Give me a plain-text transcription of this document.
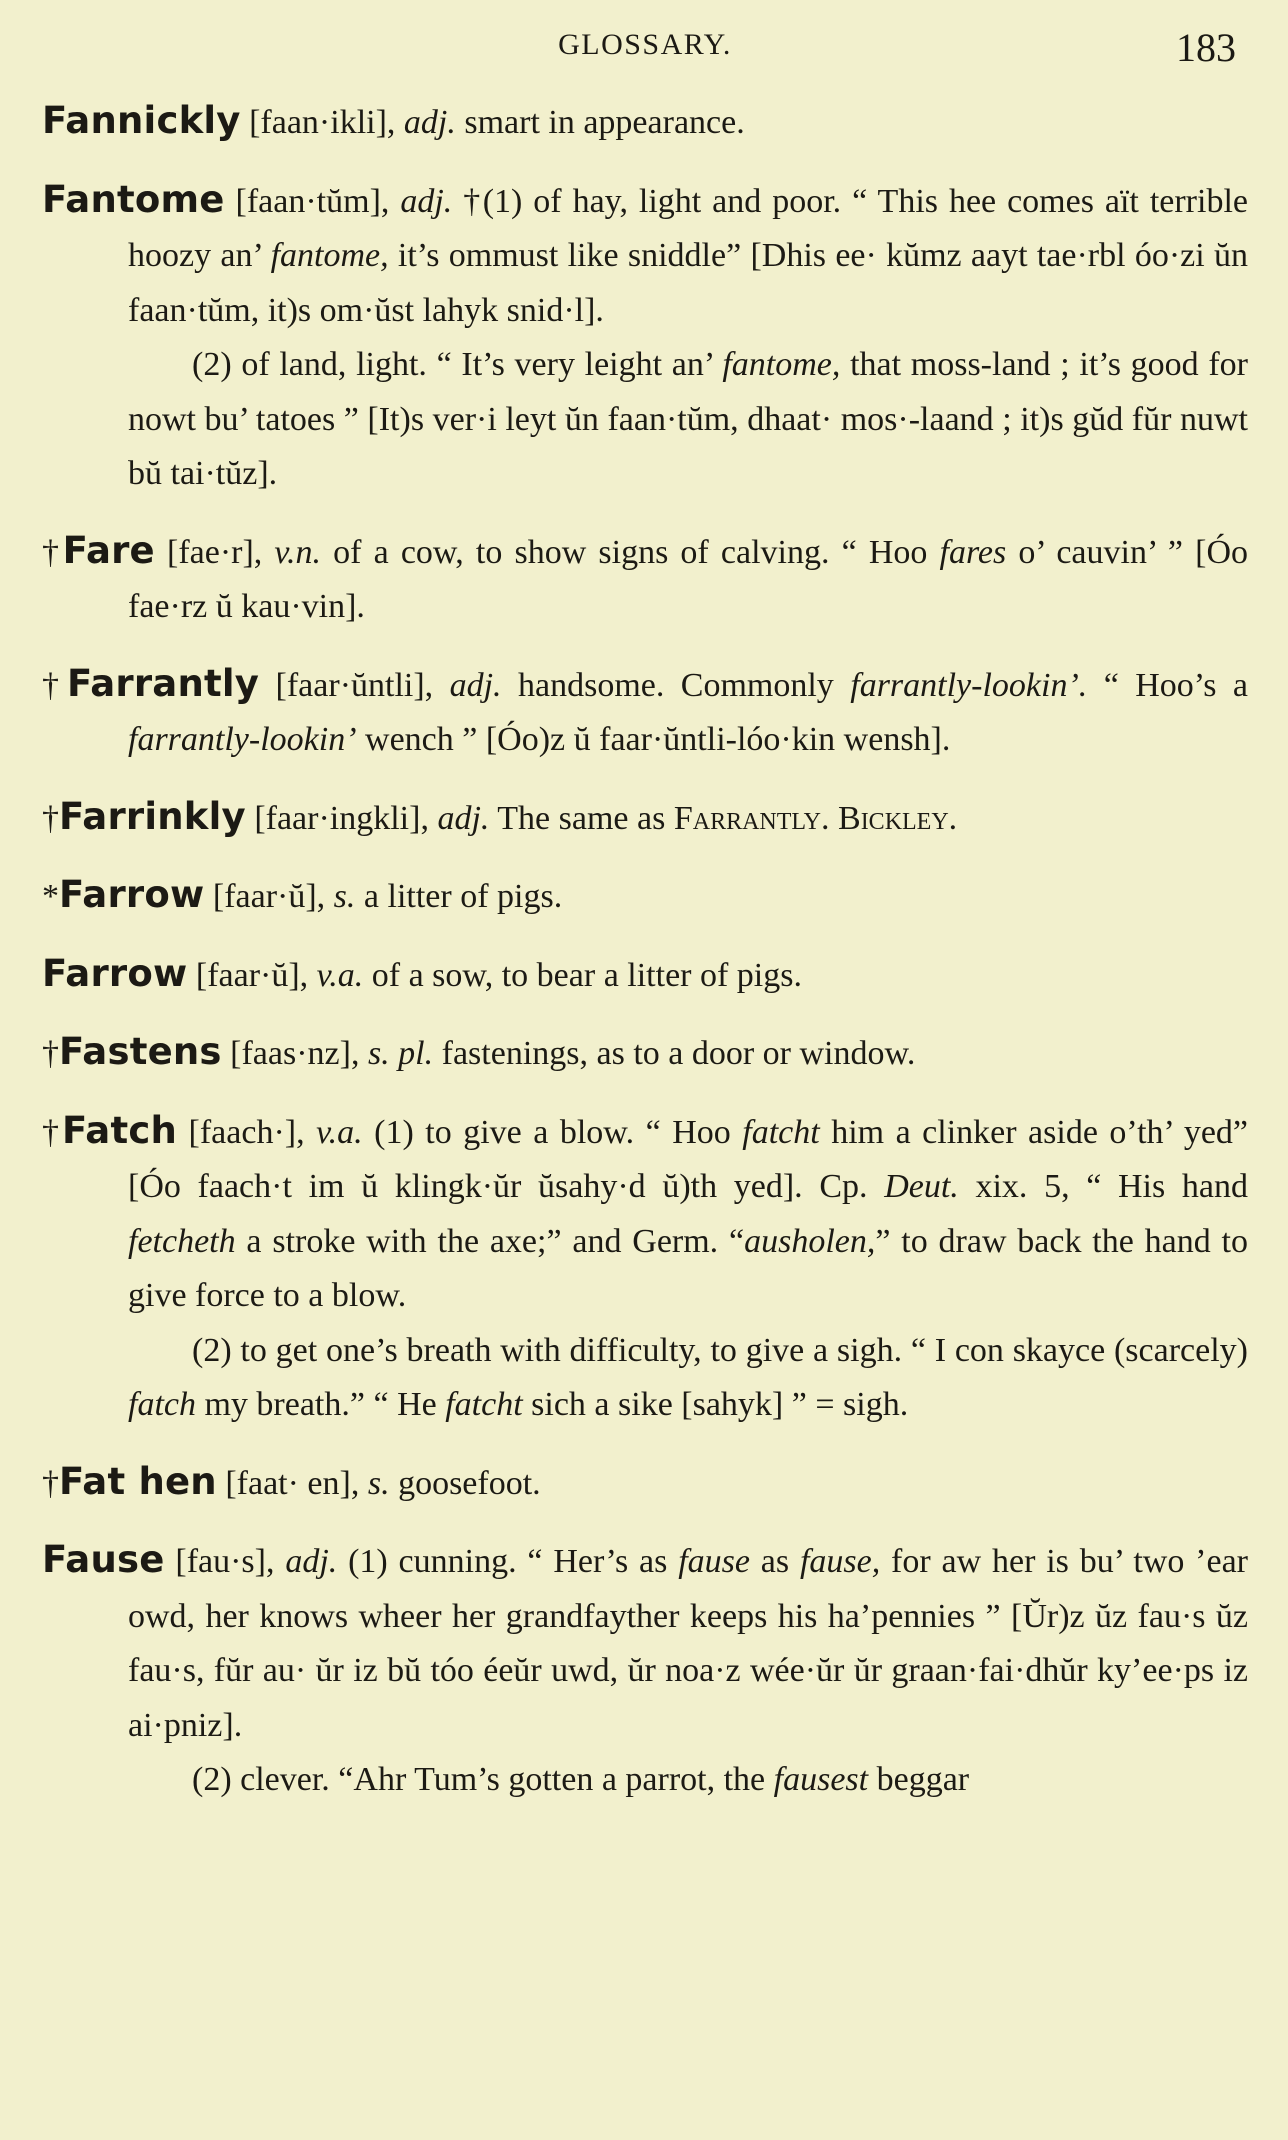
GLOSSARY.	183

Fannickly [faan·ikli], adj. smart in appearance.

Fantome [faan·tŭm], adj. †(1) of hay, light and poor. “ This hee comes aït terrible hoozy an’ fantome, it’s ommust like sniddle” [Dhis ee· kŭmz aayt tae·rbl óo·zi ŭn faan·tŭm, it)s om·ŭst lahyk snid·l].

(2) of land, light. “ It’s very leight an’ fantome, that moss-land ; it’s good for nowt bu’ tatoes ” [It)s ver·i leyt ŭn faan·tŭm, dhaat· mos·-laand ; it)s gŭd fŭr nuwt bŭ tai·tŭz].

†Fare [fae·r], v.n. of a cow, to show signs of calving. “ Hoo fares o’ cauvin’ ” [Óo fae·rz ŭ kau·vin].

†Farrantly [faar·ŭntli], adj. handsome. Commonly farrantly-lookin’. “ Hoo’s a farrantly-lookin’ wench ” [Óo)z ŭ faar·ŭntli-lóo·kin wensh].

†Farrinkly [faar·ingkli], adj. The same as Farrantly. Bickley.

*Farrow [faar·ŭ], s. a litter of pigs.

Farrow [faar·ŭ], v.a. of a sow, to bear a litter of pigs.

†Fastens [faas·nz], s. pl. fastenings, as to a door or window.

†Fatch [faach·], v.a. (1) to give a blow. “ Hoo fatcht him a clinker aside o’th’ yed” [Óo faach·t im ŭ klingk·ŭr ŭsahy·d ŭ)th yed]. Cp. Deut. xix. 5, “ His hand fetcheth a stroke with the axe;” and Germ. “ausholen,” to draw back the hand to give force to a blow.

(2) to get one’s breath with difficulty, to give a sigh. “ I con skayce (scarcely) fatch my breath.” “ He fatcht sich a sike [sahyk] ” = sigh.

†Fat hen [faat· en], s. goosefoot.

Fause [fau·s], adj. (1) cunning. “ Her’s as fause as fause, for aw her is bu’ two ’ear owd, her knows wheer her grandfayther keeps his ha’pennies ” [Ŭr)z ŭz fau·s ŭz fau·s, fŭr au· ŭr iz bŭ tóo éeŭr uwd, ŭr noa·z wée·ŭr ŭr graan·fai·dhŭr ky’ee·ps iz ai·pniz].

(2) clever. “Ahr Tum’s gotten a parrot, the fausest beggar
